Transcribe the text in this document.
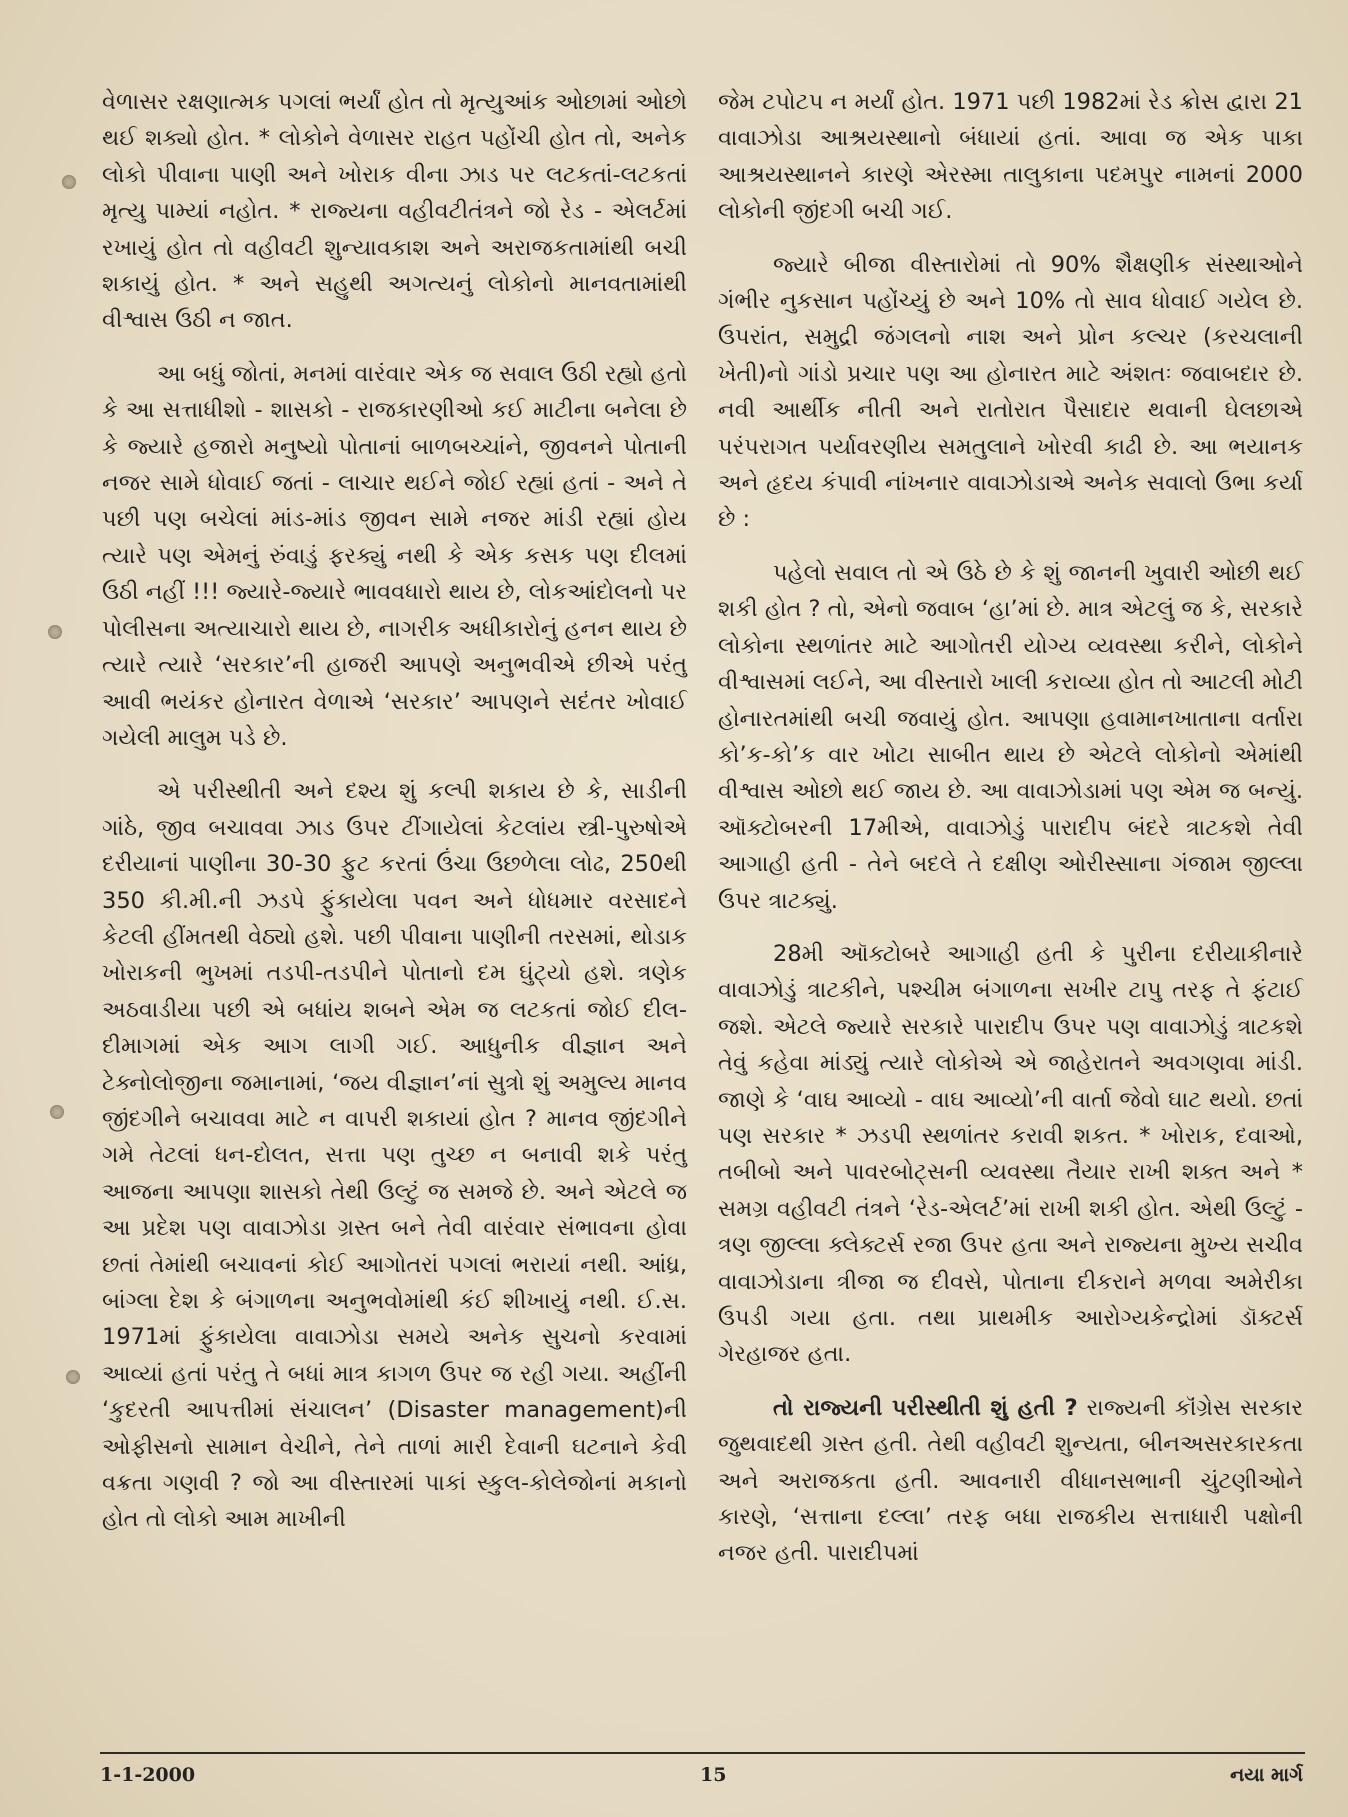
વેળાસર રક્ષણાત્મક પગલાં ભર્યાં હોત તો મૃત્યુઆંક ઓછામાં ઓછો થઈ શક્યો હોત. * લોકોને વેળાસર રાહત પહોંચી હોત તો, અનેક લોકો પીવાના પાણી અને ખોરાક વીના ઝાડ પર લટકતાં-લટકતાં મૃત્યુ પામ્યાં નહોત. * રાજ્યના વહીવટીતંત્રને જો રેડ - એલર્ટમાં રખાયું હોત તો વહીવટી શુન્યાવકાશ અને અરાજકતામાંથી બચી શકાયું હોત. * અને સહુથી અગત્યનું લોકોનો માનવતામાંથી વીશ્વાસ ઉઠી ન જાત.

આ બધું જોતાં, મનમાં વારંવાર એક જ સવાલ ઉઠી રહ્યો હતો કે આ સત્તાધીશો - શાસકો - રાજકારણીઓ કઈ માટીના બનેલા છે કે જ્યારે હજારો મનુષ્યો પોતાનાં બાળબચ્ચાંને, જીવનને પોતાની નજર સામે ધોવાઈ જતાં - લાચાર થઈને જોઈ રહ્યાં હતાં - અને તે પછી પણ બચેલાં માંડ-માંડ જીવન સામે નજર માંડી રહ્યાં હોય ત્યારે પણ એમનું રુંવાડું ફરક્યું નથી કે એક કસક પણ દીલમાં ઉઠી નહીં !!! જ્યારે-જ્યારે ભાવવધારો થાય છે, લોકઆંદોલનો પર પોલીસના અત્યાચારો થાય છે, નાગરીક અધીકારોનું હનન થાય છે ત્યારે ત્યારે ‘સરકાર’ની હાજરી આપણે અનુભવીએ છીએ પરંતુ આવી ભયંકર હોનારત વેળાએ ‘સરકાર’ આપણને સદંતર ખોવાઈ ગયેલી માલુમ પડે છે.

એ પરીસ્થીતી અને દશ્ય શું કલ્પી શકાય છે કે, સાડીની ગાંઠે, જીવ બચાવવા ઝાડ ઉપર ટીંગાયેલાં કેટલાંય સ્ત્રી-પુરુષોએ દરીયાનાં પાણીના 30-30 ફુટ કરતાં ઉંચા ઉછળેલા લોઢ, 250થી 350 કી.મી.ની ઝડપે ફુંકાયેલા પવન અને ધોધમાર વરસાદને કેટલી હીંમતથી વેઠ્યો હશે. પછી પીવાના પાણીની તરસમાં, થોડાક ખોરાકની ભુખમાં તડપી-તડપીને પોતાનો દમ ઘુંટ્યો હશે. ત્રણેક અઠવાડીયા પછી એ બધાંય શબને એમ જ લટકતાં જોઈ દીલ-દીમાગમાં એક આગ લાગી ગઈ. આધુનીક વીજ્ઞાન અને ટેક્નોલોજીના જમાનામાં, ‘જય વીજ્ઞાન’નાં સુત્રો શું અમુલ્ય માનવ જીંદગીને બચાવવા માટે ન વાપરી શકાયાં હોત ? માનવ જીંદગીને ગમે તેટલાં ધન-દોલત, સત્તા પણ તુચ્છ ન બનાવી શકે પરંતુ આજના આપણા શાસકો તેથી ઉલ્ટું જ સમજે છે. અને એટલે જ આ પ્રદેશ પણ વાવાઝોડા ગ્રસ્ત બને તેવી વારંવાર સંભાવના હોવા છતાં તેમાંથી બચાવનાં કોઈ આગોતરાં પગલાં ભરાયાં નથી. આંધ્ર, બાંગ્લા દેશ કે બંગાળના અનુભવોમાંથી કંઈ શીખાયું નથી. ઈ.સ. 1971માં ફુંકાયેલા વાવાઝોડા સમયે અનેક સુચનો કરવામાં આવ્યાં હતાં પરંતુ તે બધાં માત્ર કાગળ ઉપર જ રહી ગયા. અહીંની ‘કુદરતી આપત્તીમાં સંચાલન’ (Disaster management)ની ઓફીસનો સામાન વેચીને, તેને તાળાં મારી દેવાની ઘટનાને કેવી વક્રતા ગણવી ? જો આ વીસ્તારમાં પાકાં સ્કુલ-કોલેજોનાં મકાનો હોત તો લોકો આમ માખીની

જેમ ટપોટપ ન મર્યાં હોત. 1971 પછી 1982માં રેડ ક્રોસ દ્વારા 21 વાવાઝોડા આશ્રયસ્થાનો બંધાયાં હતાં. આવા જ એક પાકા આશ્રયસ્થાનને કારણે એરસ્મા તાલુકાના પદમપુર નામનાં 2000 લોકોની જીંદગી બચી ગઈ.

જ્યારે બીજા વીસ્તારોમાં તો 90% શૈક્ષણીક સંસ્થાઓને ગંભીર નુકસાન પહોંચ્યું છે અને 10% તો સાવ ધોવાઈ ગયેલ છે. ઉપરાંત, સમુદ્રી જંગલનો નાશ અને પ્રોન કલ્ચર (કરચલાની ખેતી)નો ગાંડો પ્રચાર પણ આ હોનારત માટે અંશતઃ જવાબદાર છે. નવી આર્થીક નીતી અને રાતોરાત પૈસાદાર થવાની ઘેલછાએ પરંપરાગત પર્યાવરણીય સમતુલાને ખોરવી કાઢી છે. આ ભયાનક અને હૃદય કંપાવી નાંખનાર વાવાઝોડાએ અનેક સવાલો ઉભા કર્યા છે :

પહેલો સવાલ તો એ ઉઠે છે કે શું જાનની ખુવારી ઓછી થઈ શકી હોત ? તો, એનો જવાબ ‘હા’માં છે. માત્ર એટલું જ કે, સરકારે લોકોના સ્થળાંતર માટે આગોતરી યોગ્ય વ્યવસ્થા કરીને, લોકોને વીશ્વાસમાં લઈને, આ વીસ્તારો ખાલી કરાવ્યા હોત તો આટલી મોટી હોનારતમાંથી બચી જવાયું હોત. આપણા હવામાનખાતાના વર્તારા કો’ક-કો’ક વાર ખોટા સાબીત થાય છે એટલે લોકોનો એમાંથી વીશ્વાસ ઓછો થઈ જાય છે. આ વાવાઝોડામાં પણ એમ જ બન્યું. ઑક્ટોબરની 17મીએ, વાવાઝોડું પારાદીપ બંદરે ત્રાટકશે તેવી આગાહી હતી - તેને બદલે તે દક્ષીણ ઓરીસ્સાના ગંજામ જીલ્લા ઉપર ત્રાટક્યું.

28મી ઑક્ટોબરે આગાહી હતી કે પુરીના દરીયાકીનારે વાવાઝોડું ત્રાટકીને, પશ્ચીમ બંગાળના સખીર ટાપુ તરફ તે ફંટાઈ જશે. એટલે જ્યારે સરકારે પારાદીપ ઉપર પણ વાવાઝોડું ત્રાટકશે તેવું કહેવા માંડ્યું ત્યારે લોકોએ એ જાહેરાતને અવગણવા માંડી. જાણે કે ‘વાઘ આવ્યો - વાઘ આવ્યો’ની વાર્તા જેવો ઘાટ થયો. છતાં પણ સરકાર * ઝડપી સ્થળાંતર કરાવી શકત. * ખોરાક, દવાઓ, તબીબો અને પાવરબોટ્સની વ્યવસ્થા તૈયાર રાખી શક્ત અને * સમગ્ર વહીવટી તંત્રને ‘રેડ-એલર્ટ’માં રાખી શકી હોત. એથી ઉલ્ટું - ત્રણ જીલ્લા ક્લેક્ટર્સ રજા ઉપર હતા અને રાજ્યના મુખ્ય સચીવ વાવાઝોડાના ત્રીજા જ દીવસે, પોતાના દીકરાને મળવા અમેરીકા ઉપડી ગયા હતા. તથા પ્રાથમીક આરોગ્યકેન્દ્રોમાં ડૉક્ટર્સ ગેરહાજર હતા.

તો રાજ્યની પરીસ્થીતી શું હતી ? રાજ્યની કૉંગ્રેસ સરકાર જુથવાદથી ગ્રસ્ત હતી. તેથી વહીવટી શુન્યતા, બીનઅસરકારકતા અને અરાજકતા હતી. આવનારી વીધાનસભાની ચુંટણીઓને કારણે, ‘સત્તાના દલ્લા’ તરફ બધા રાજકીય સત્તાધારી પક્ષોની નજર હતી. પારાદીપમાં

1-1-2000	15	નયા માર્ગ
